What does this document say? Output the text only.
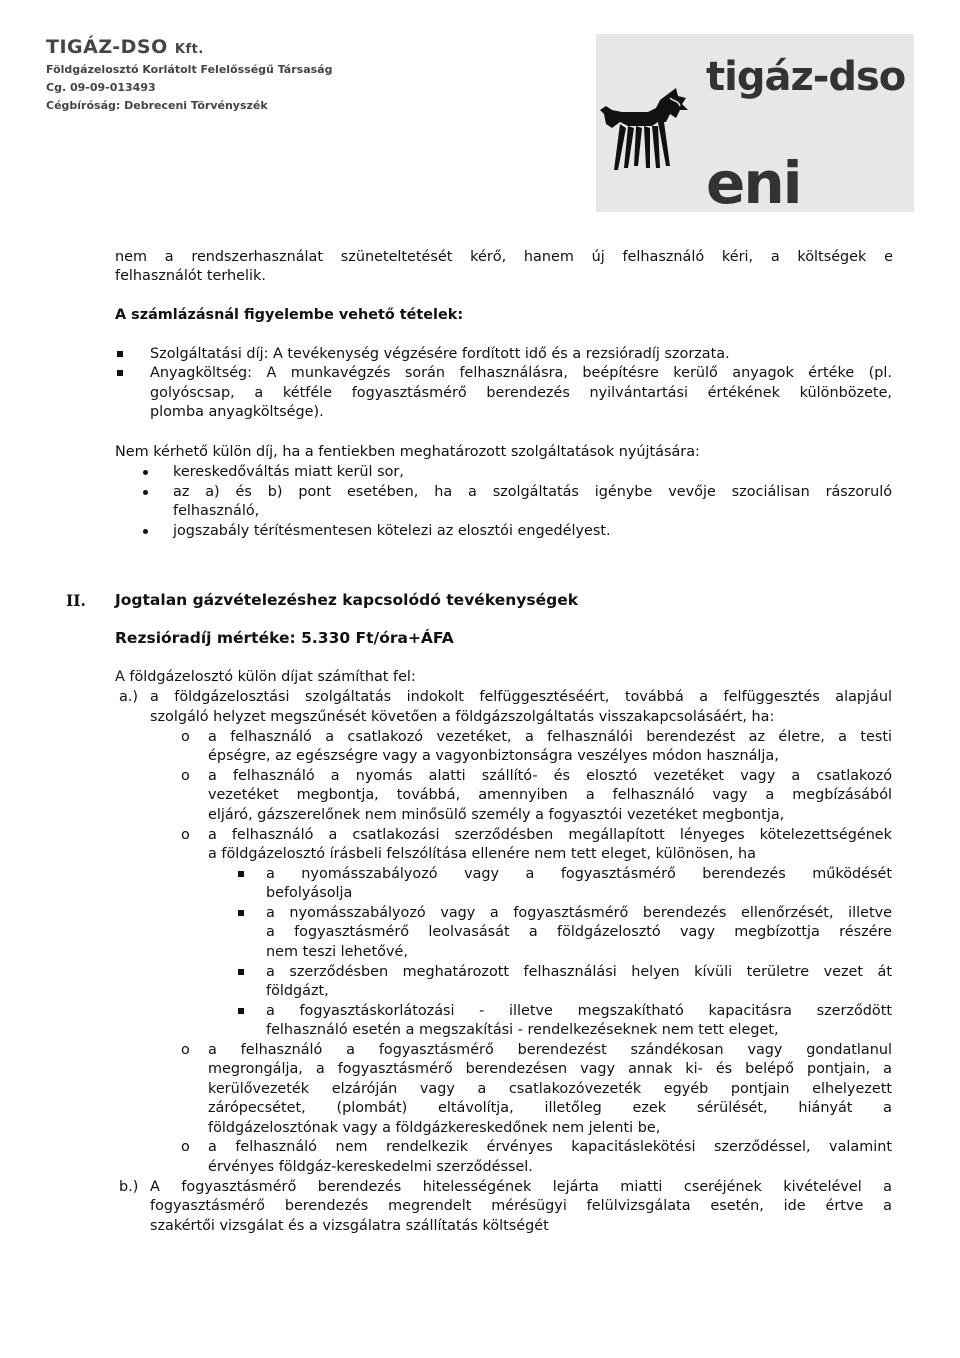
TIGÁZ-DSO Kft.
Földgázelosztó Korlátolt Felelősségű Társaság
Cg. 09-09-013493
Cégbíróság: Debreceni Törvényszék
tigáz-dso
eni
nem a rendszerhasználat szüneteltetését kérő, hanem új felhasználó kéri, a költségek e
felhasználót terhelik.
A számlázásnál figyelembe vehető tételek:
Szolgáltatási díj: A tevékenység végzésére fordított idő és a rezsióradíj szorzata.
Anyagköltség: A munkavégzés során felhasználásra, beépítésre kerülő anyagok értéke (pl.
golyóscsap, a kétféle fogyasztásmérő berendezés nyilvántartási értékének különbözete,
plomba anyagköltsége).
Nem kérhető külön díj, ha a fentiekben meghatározott szolgáltatások nyújtására:
kereskedőváltás miatt kerül sor,
az a) és b) pont esetében, ha a szolgáltatás igénybe vevője szociálisan rászoruló
felhasználó,
jogszabály térítésmentesen kötelezi az elosztói engedélyest.
II. Jogtalan gázvételezéshez kapcsolódó tevékenységek
Rezsióradíj mértéke: 5.330 Ft/óra+ÁFA
A földgázelosztó külön díjat számíthat fel:
a.) a földgázelosztási szolgáltatás indokolt felfüggesztéséért, továbbá a felfüggesztés alapjául
szolgáló helyzet megszűnését követően a földgázszolgáltatás visszakapcsolásáért, ha:
o a felhasználó a csatlakozó vezetéket, a felhasználói berendezést az életre, a testi
épségre, az egészségre vagy a vagyonbiztonságra veszélyes módon használja,
o a felhasználó a nyomás alatti szállító- és elosztó vezetéket vagy a csatlakozó
vezetéket megbontja, továbbá, amennyiben a felhasználó vagy a megbízásából
eljáró, gázszerelőnek nem minősülő személy a fogyasztói vezetéket megbontja,
o a felhasználó a csatlakozási szerződésben megállapított lényeges kötelezettségének
a földgázelosztó írásbeli felszólítása ellenére nem tett eleget, különösen, ha
a nyomásszabályozó vagy a fogyasztásmérő berendezés működését
befolyásolja
a nyomásszabályozó vagy a fogyasztásmérő berendezés ellenőrzését, illetve
a fogyasztásmérő leolvasását a földgázelosztó vagy megbízottja részére
nem teszi lehetővé,
a szerződésben meghatározott felhasználási helyen kívüli területre vezet át
földgázt,
a fogyasztáskorlátozási - illetve megszakítható kapacitásra szerződött
felhasználó esetén a megszakítási - rendelkezéseknek nem tett eleget,
o a felhasználó a fogyasztásmérő berendezést szándékosan vagy gondatlanul
megrongálja, a fogyasztásmérő berendezésen vagy annak ki- és belépő pontjain, a
kerülővezeték elzáróján vagy a csatlakozóvezeték egyéb pontjain elhelyezett
zárópecsétet, (plombát) eltávolítja, illetőleg ezek sérülését, hiányát a
földgázelosztónak vagy a földgázkereskedőnek nem jelenti be,
o a felhasználó nem rendelkezik érvényes kapacitáslekötési szerződéssel, valamint
érvényes földgáz-kereskedelmi szerződéssel.
b.) A fogyasztásmérő berendezés hitelességének lejárta miatti cseréjének kivételével a
fogyasztásmérő berendezés megrendelt mérésügyi felülvizsgálata esetén, ide értve a
szakértői vizsgálat és a vizsgálatra szállítatás költségét
